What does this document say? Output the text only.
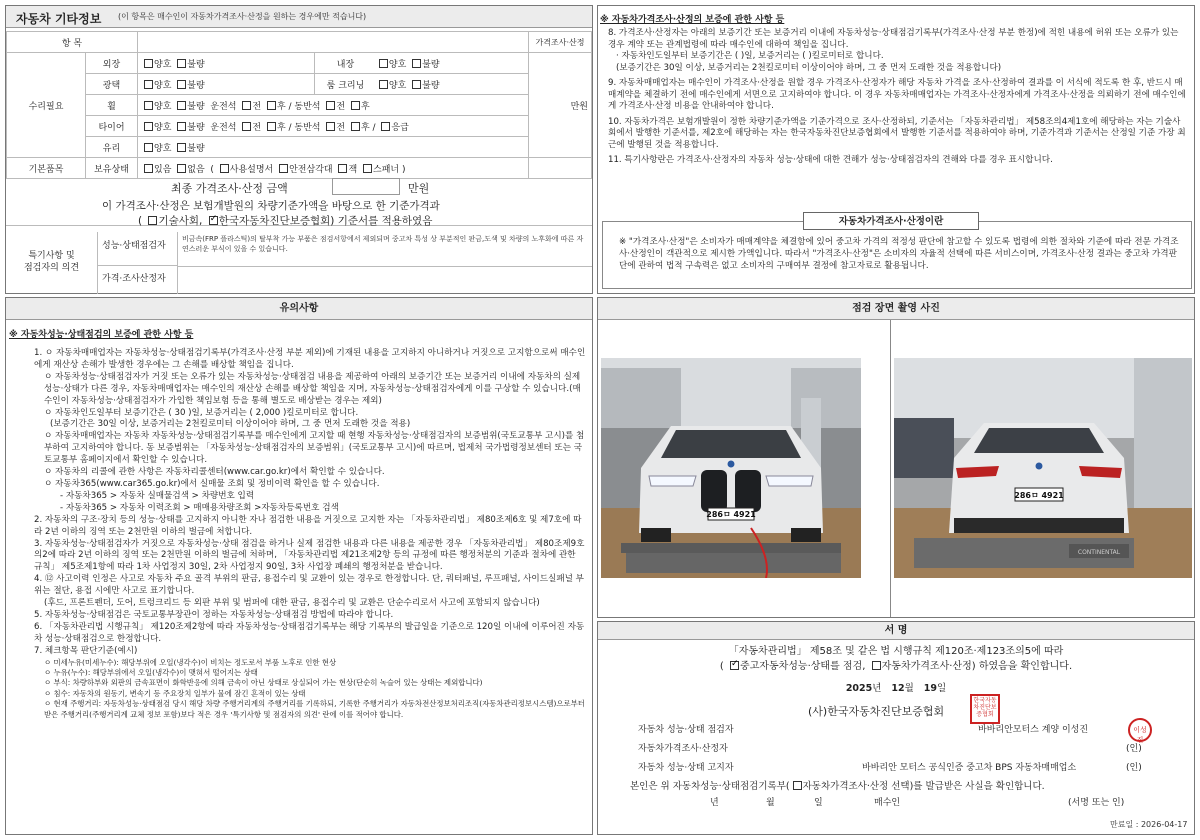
자동차 기타정보 (이 항목은 매수인이 자동차가격조사·산정을 원하는 경우에만 적습니다)
항 목				가격조사·산정
수리필요	외장	양호 불량	내장 양호 불량	만원
	광택	양호 불량	룸 크리닝 양호 불량	
	휠	양호 불량 운전석 전 후 / 동반석 전 후		
	타이어	양호 불량 운전석 전 후 / 동반석 전 후 / 응급		
	유리	양호 불량		
기본품목	보유상태	있음 없음  ( 사용설명서 안전삼각대 잭 스패너 )		
최종 가격조사·산정 금액	만원
이 가격조사·산정은 보험개발원의 차량기준가액을 바탕으로 한 기준가격과
( 기술사회, ✓ 한국자동차진단보증협회) 기준서를 적용하였음
특기사항 및
점검자의 의견
성능·상태점검자
비금속(FRP 플라스틱)의 탈부착 가능 부품은 점검서항에서 제외되며 중고차 특성 상 부분적인 판금,도색 및 차량의 노후화에 따른 자연스러운 부식이 있을 수 있습니다.
가격·조사산정자
※ 자동차가격조사·산정의 보증에 관한 사항 등
8. 가격조사·산정자는 아래의 보증기간 또는 보증거리 이내에 자동차성능·상태점검기록부(가격조사·산정 부분 한정)에 적힌 내용에 허위 또는 오류가 있는 경우 계약 또는 관계법령에 따라 매수인에 대하여 책임을 집니다.
· 자동차인도일부터 보증기간은 ( )일, 보증거리는 ( )킬로미터로 합니다.
(보증기간은 30일 이상, 보증거리는 2천킬로미터 이상이어야 하며, 그 중 먼저 도래한 것을 적용합니다)
9. 자동차매매업자는 매수인이 가격조사·산정을 원할 경우 가격조사·산정자가 해당 자동차 가격을 조사·산정하여 결과를 이 서식에 적도록 한 후, 반드시 매매계약을 체결하기 전에 매수인에게 서면으로 고지하여야 합니다. 이 경우 자동차매매업자는 가격조사·산정자에게 가격조사·산정을 의뢰하기 전에 매수인에게 가격조사·산정 비용을 안내하여야 합니다.
10. 자동차가격은 보험개발원이 정한 차량기준가액을 기준가격으로 조사·산정하되, 기준서는 「자동차관리법」 제58조의4제1호에 해당하는 자는 기술사회에서 발행한 기준서를, 제2호에 해당하는 자는 한국자동차진단보증협회에서 발행한 기준서를 적용하여야 하며, 기준가격과 기준서는 산정일 기준 가장 최근에 발행된 것을 적용합니다.
11. 특기사항란은 가격조사·산정자의 자동차 성능·상태에 대한 견해가 성능·상태점검자의 견해와 다를 경우 표시합니다.
자동차가격조사·산정이란
※ "가격조사·산정"은 소비자가 매매계약을 체결함에 있어 중고차 가격의 적정성 판단에 참고할 수 있도록 법령에 의한 절차와 기준에 따라 전문 가격조사·산정인이 객관적으로 제시한 가액입니다. 따라서 "가격조사·산정"은 소비자의 자율적 선택에 따른 서비스이며, 가격조사·산정 결과는 중고차 가격판단에 관하여 법적 구속력은 없고 소비자의 구매여부 결정에 참고자료로 활용됩니다.
유의사항
※ 자동차성능·상태점검의 보증에 관한 사항 등
1. ㅇ 자동차매매업자는 자동차성능·상태점검기록부(가격조사·산정 부분 제외)에 기재된 내용을 고지하지 아니하거나 거짓으로 고지함으로써 매수인에게 재산상 손해가 발생한 경우에는 그 손해를 배상할 책임을 집니다.
ㅇ 자동차성능·상태점검자가 거짓 또는 오류가 있는 자동차성능·상태점검 내용을 제공하여 아래의 보증기간 또는 보증거리 이내에 자동차의 실제 성능·상태가 다른 경우, 자동차매매업자는 매수인의 재산상 손해를 배상할 책임을 지며, 자동차성능·상태점검자에게 이를 구상할 수 있습니다.(매수인이 자동차성능·상태점검자가 가입한 책임보험 등을 통해 별도로 배상받는 경우는 제외)
ㅇ 자동차인도일부터 보증기간은 ( 30 )일, 보증거리는 ( 2,000 )킬로미터로 합니다.
(보증기간은 30일 이상, 보증거리는 2천킬로미터 이상이어야 하며, 그 중 먼저 도래한 것을 적용)
ㅇ 자동차매매업자는 자동차 자동차성능·상태점검기록부를 매수인에게 고지할 때 현행 자동차성능·상태점검자의 보증범위(국토교통부 고시)를 첨부하여 고지하여야 합니다. 동 보증범위는 「자동차성능·상태점검자의 보증범위」(국토교통부 고시)에 따르며, 법제처 국가법령정보센터 또는 국토교통부 홈페이지에서 확인할 수 있습니다.
ㅇ 자동차의 리콜에 관한 사항은 자동차리콜센터(www.car.go.kr)에서 확인할 수 있습니다.
ㅇ 자동차365(www.car365.go.kr)에서 실매물 조회 및 정비이력 확인을 할 수 있습니다.
- 자동차365 > 자동차 실매물검색 > 차량번호 입력
- 자동차365 > 자동차 이력조회 > 매매용차량조회 >자동차등록번호 검색
2. 자동차의 구조·장치 등의 성능·상태를 고지하지 아니한 자나 점검한 내용을 거짓으로 고지한 자는 「자동차관리법」 제80조제6호 및 제7호에 따라 2년 이하의 징역 또는 2천만원 이하의 벌금에 처합니다.
3. 자동차성능·상태점검자가 거짓으로 자동차성능·상태 점검을 하거나 실제 점검한 내용과 다른 내용을 제공한 경우 「자동차관리법」 제80조제9호의2에 따라 2년 이하의 징역 또는 2천만원 이하의 벌금에 처하며, 「자동차관리법 제21조제2항 등의 규정에 따른 행정처분의 기준과 절차에 관한 규칙」 제5조제1항에 따라 1차 사업정지 30일, 2차 사업정지 90일, 3차 사업장 폐쇄의 행정처분을 받습니다.
4. ⑫ 사고이력 인정은 사고로 자동차 주요 골격 부위의 판금, 용접수리 및 교환이 있는 경우로 한정합니다. 단, 쿼터패널, 루프패널, 사이드실패널 부위는 절단, 용접 시에만 사고로 표기합니다.
(후드, 프론트펜더, 도어, 트렁크리드 등 외판 부위 및 범퍼에 대한 판금, 용접수리 및 교환은 단순수리로서 사고에 포함되지 않습니다)
5. 자동차성능·상태점검은 국토교통부장관이 정하는 자동차성능·상태점검 방법에 따라야 합니다.
6. 「자동차관리법 시행규칙」 제120조제2항에 따라 자동차성능·상태점검기록부는 해당 기록부의 발급일을 기준으로 120일 이내에 이루어진 자동차 성능·상태점검으로 한정합니다.
7. 체크항목 판단기준(예시)
ㅇ 미세누유(미세누수): 해당부위에 오일(냉각수)이 비치는 정도로서 부품 노후로 인한 현상
ㅇ 누유(누수): 해당부위에서 오일(냉각수)이 맺혀서 떨어지는 상태
ㅇ 부식: 차량하부와 외판의 금속표면이 화학반응에 의해 금속이 아닌 상태로 상실되어 가는 현상(단순히 녹슬어 있는 상태는 제외합니다)
ㅇ 침수: 자동차의 원동기, 변속기 등 주요장치 일부가 물에 잠긴 흔적이 있는 상태
ㅇ 현재 주행거리: 자동차성능·상태점검 당시 해당 차량 주행거리계의 주행거리를 기록하되, 기록한 주행거리가 자동차전산정보처리조직(자동차관리정보시스템)으로부터 받은 주행거리(주행거리계 교체 정보 포함)보다 적은 경우 '특기사항 및 점검자의 의견' 란에 이를 적어야 합니다.
점검 장면 촬영 사진
286ㅁ 4921
286ㅁ 4921
CONTINENTAL
서 명
「자동차관리법」 제58조 및 같은 법 시행규칙 제120조·제123조의5에 따라
( ✓중고자동차성능·상태를 점검, 자동차가격조사·산정) 하였음을 확인합니다.
2025년 12월 19일
(사)한국자동차진단보증협회
한국자동차진단보증협회
자동차 성능·상태 점검자	바바리안모터스 계양 이성진	이성진
자동차가격조사·산정자	(인)
자동차 성능·상태 고지자	바바리안 모터스 공식인증 중고차 BPS 자동차매매업소	(인)
본인은 위 자동차성능·상태점검기록부( 자동차가격조사·산정 선택)를 발급받은 사실을 확인합니다.
년	월	일	매수인	(서명 또는 인)
만료일 : 2026-04-17
